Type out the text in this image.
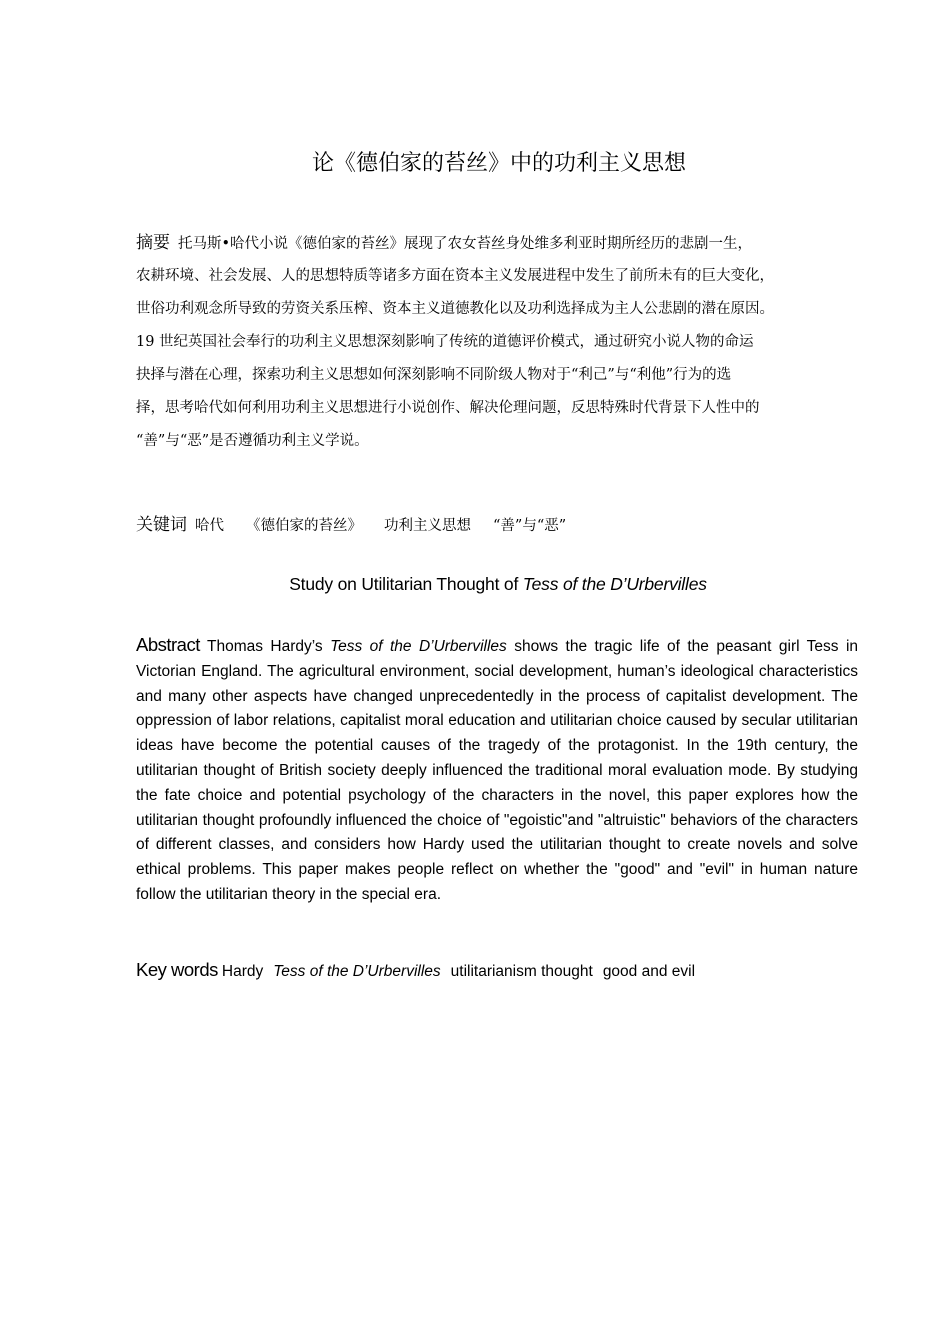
论《德伯家的苔丝》中的功利主义思想
摘要 托马斯•哈代小说《德伯家的苔丝》展现了农女苔丝身处维多利亚时期所经历的悲剧一生，
农耕环境、社会发展、人的思想特质等诸多方面在资本主义发展进程中发生了前所未有的巨大变化，
世俗功利观念所导致的劳资关系压榨、资本主义道德教化以及功利选择成为主人公悲剧的潜在原因。
19 世纪英国社会奉行的功利主义思想深刻影响了传统的道德评价模式，通过研究小说人物的命运
抉择与潜在心理，探索功利主义思想如何深刻影响不同阶级人物对于“利己”与“利他”行为的选
择，思考哈代如何利用功利主义思想进行小说创作、解决伦理问题，反思特殊时代背景下人性中的
“善”与“恶”是否遵循功利主义学说。
关键词 哈代 《德伯家的苔丝》 功利主义思想 “善”与“恶”
Study on Utilitarian Thought of Tess of the D’Urbervilles
Abstract Thomas Hardy’s Tess of the D’Urbervilles shows the tragic life of the peasant girl Tess in Victorian England. The agricultural environment, social development, human’s ideological characteristics and many other aspects have changed unprecedentedly in the process of capitalist development. The oppression of labor relations, capitalist moral education and utilitarian choice caused by secular utilitarian ideas have become the potential causes of the tragedy of the protagonist. In the 19th century, the utilitarian thought of British society deeply influenced the traditional moral evaluation mode. By studying the fate choice and potential psychology of the characters in the novel, this paper explores how the utilitarian thought profoundly influenced the choice of "egoistic"and "altruistic" behaviors of the characters of different classes, and considers how Hardy used the utilitarian thought to create novels and solve ethical problems. This paper makes people reflect on whether the "good" and "evil" in human nature follow the utilitarian theory in the special era.
Key words Hardy Tess of the D’Urbervilles utilitarianism thought good and evil
